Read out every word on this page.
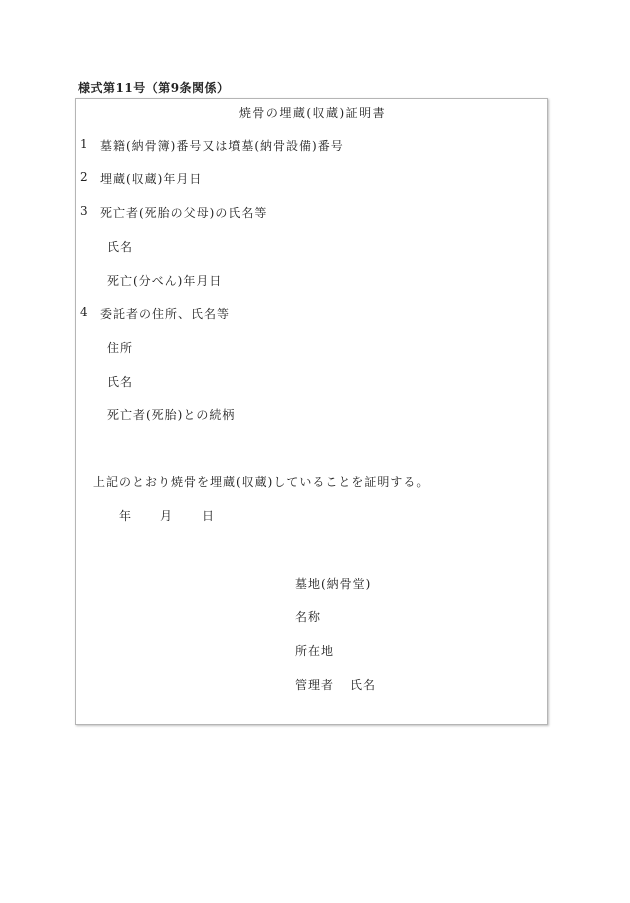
様式第11号（第9条関係）
焼骨の埋蔵(収蔵)証明書
1 墓籍(納骨簿)番号又は墳墓(納骨設備)番号
2 埋蔵(収蔵)年月日
3 死亡者(死胎の父母)の氏名等
氏名
死亡(分べん)年月日
4 委託者の住所、氏名等
住所
氏名
死亡者(死胎)との続柄
上記のとおり焼骨を埋蔵(収蔵)していることを証明する。
年 月 日
墓地(納骨堂)
名称
所在地
管理者 氏名
